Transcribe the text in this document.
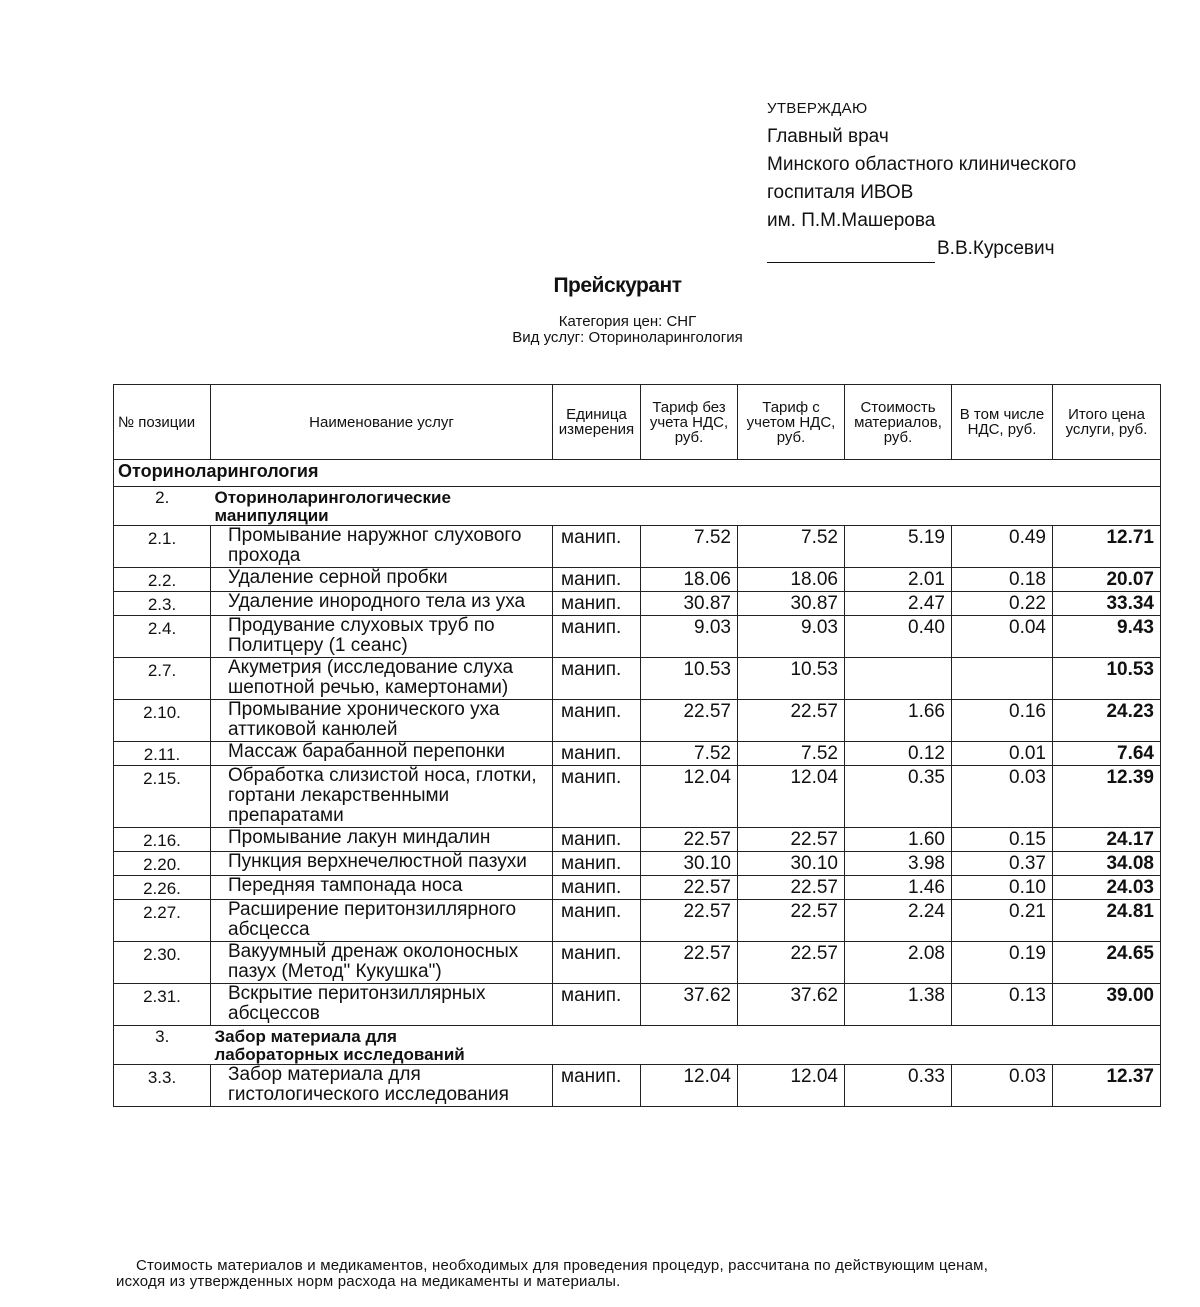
УТВЕРЖДАЮ
Главный врач
Минского областного клинического
госпиталя ИВОВ
им. П.М.Машерова
В.В.Курсевич
Прейскурант
Категория цен: СНГ
Вид услуг: Оториноларингология
№ позиции	Наименование услуг	Единица измерения	Тариф без учета НДС, руб.	Тариф с учетом НДС, руб.	Стоимость материалов, руб.	В том числе НДС, руб.	Итого цена услуги, руб.
Оториноларингология							
2.	Оториноларингологические манипуляции						

2.1.	Промывание наружног слухового прохода	манип.	7.52	7.52	5.19	0.49	12.71
2.2.	Удаление серной пробки	манип.	18.06	18.06	2.01	0.18	20.07
2.3.	Удаление инородного тела из уха	манип.	30.87	30.87	2.47	0.22	33.34
2.4.	Продувание слуховых труб по Политцеру (1 сеанс)	манип.	9.03	9.03	0.40	0.04	9.43
2.7.	Акуметрия (исследование слуха шепотной речью, камертонами)	манип.	10.53	10.53			10.53
2.10.	Промывание хронического уха аттиковой канюлей	манип.	22.57	22.57	1.66	0.16	24.23
2.11.	Массаж барабанной перепонки	манип.	7.52	7.52	0.12	0.01	7.64
2.15.	Обработка слизистой носа, глотки, гортани лекарственными препаратами	манип.	12.04	12.04	0.35	0.03	12.39
2.16.	Промывание лакун миндалин	манип.	22.57	22.57	1.60	0.15	24.17
2.20.	Пункция верхнечелюстной пазухи	манип.	30.10	30.10	3.98	0.37	34.08
2.26.	Передняя тампонада носа	манип.	22.57	22.57	1.46	0.10	24.03
2.27.	Расширение перитонзиллярного абсцесса	манип.	22.57	22.57	2.24	0.21	24.81
2.30.	Вакуумный дренаж околоносных пазух (Метод" Кукушка")	манип.	22.57	22.57	2.08	0.19	24.65
2.31.	Вскрытие перитонзиллярных абсцессов	манип.	37.62	37.62	1.38	0.13	39.00
3.	Забор материала для лабораторных исследований						

3.3.	Забор материала для гистологического исследования	манип.	12.04	12.04	0.33	0.03	12.37
Стоимость материалов и медикаментов, необходимых для проведения процедур, рассчитана по действующим ценам,
исходя из утвержденных норм расхода на медикаменты и материалы.
